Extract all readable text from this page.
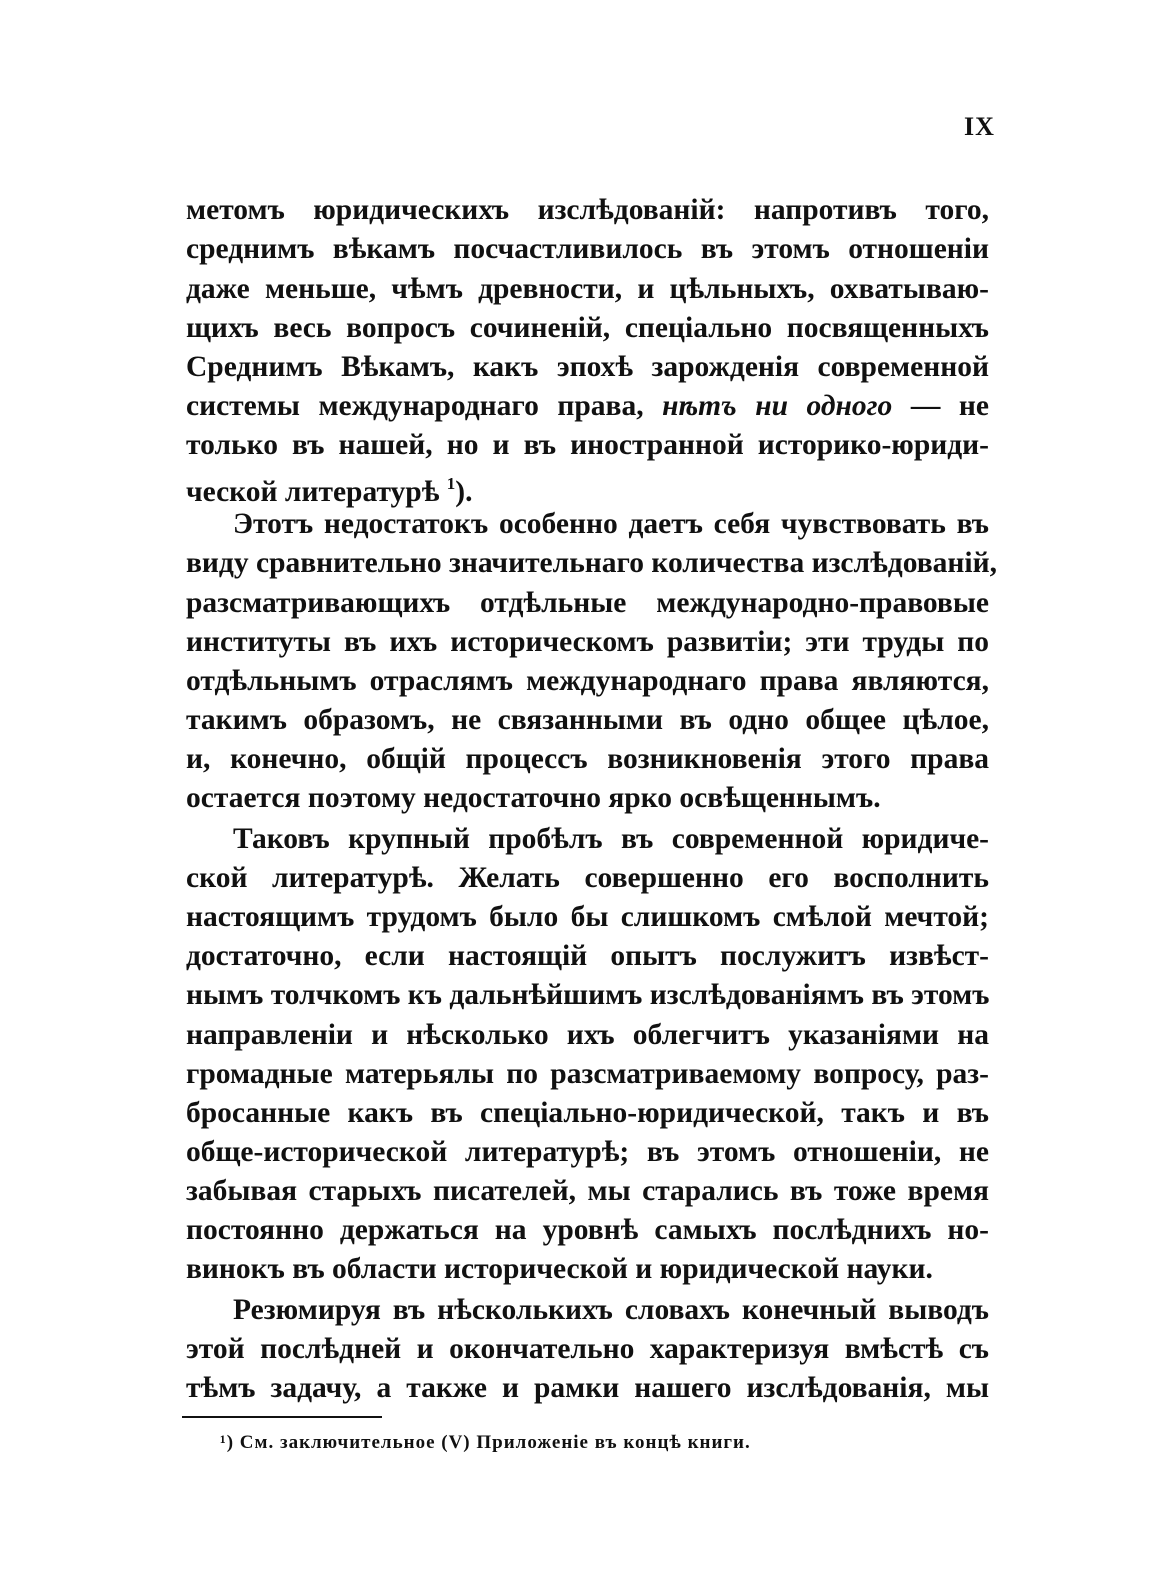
IX
метомъ юридическихъ изслѣдованій: напротивъ того,
среднимъ вѣкамъ посчастливилось въ этомъ отношеніи
даже меньше, чѣмъ древности, и цѣльныхъ, охватываю-
щихъ весь вопросъ сочиненій, спеціально посвященныхъ
Среднимъ Вѣкамъ, какъ эпохѣ зарожденія современной
системы международнаго права, нѣтъ ни одного — не
только въ нашей, но и въ иностранной историко-юриди-
ческой литературѣ $^1$).
Этотъ недостатокъ особенно даетъ себя чувствовать въ
виду сравнительно значительнаго количества изслѣдованій,
разсматривающихъ отдѣльные международно-правовые
институты въ ихъ историческомъ развитіи; эти труды по
отдѣльнымъ отраслямъ международнаго права являются,
такимъ образомъ, не связанными въ одно общее цѣлое,
и, конечно, общій процессъ возникновенія этого права
остается поэтому недостаточно ярко освѣщеннымъ.
Таковъ крупный пробѣлъ въ современной юридиче-
ской литературѣ. Желать совершенно его восполнить
настоящимъ трудомъ было бы слишкомъ смѣлой мечтой;
достаточно, если настоящій опытъ послужитъ извѣст-
нымъ толчкомъ къ дальнѣйшимъ изслѣдованіямъ въ этомъ
направленіи и нѣсколько ихъ облегчитъ указаніями на
громадные матерьялы по разсматриваемому вопросу, раз-
бросанные какъ въ спеціально-юридической, такъ и въ
обще-исторической литературѣ; въ этомъ отношеніи, не
забывая старыхъ писателей, мы старались въ тоже время
постоянно держаться на уровнѣ самыхъ послѣднихъ но-
винокъ въ области исторической и юридической науки.
Резюмируя въ нѣсколькихъ словахъ конечный выводъ
этой послѣдней и окончательно характеризуя вмѣстѣ съ
тѣмъ задачу, а также и рамки нашего изслѣдованія, мы
¹) См. заключительное (V) Приложеніе въ концѣ книги.
